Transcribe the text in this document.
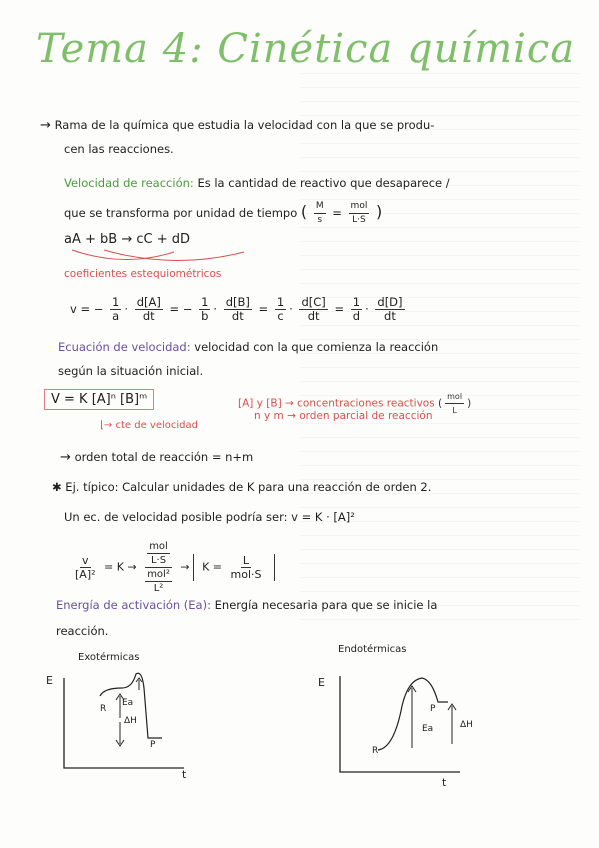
Tema 4: Cinética química
→ Rama de la química que estudia la velocidad con la que se produ-
cen las reacciones.
Velocidad de reacción: Es la cantidad de reactivo que desaparece /
que se transforma por unidad de tiempo ( $\frac{M}{s} = \frac{\text{mol}}{L\cdot S}$ )
aA + bB → cC + dD
coeficientes estequiométricos
v = − $\frac{1}{a} \cdot \frac{d[A]}{dt}$ = − $\frac{1}{b} \cdot \frac{d[B]}{dt} = \frac{1}{c} \cdot \frac{d[C]}{dt} = \frac{1}{d} \cdot \frac{d[D]}{dt}$
Ecuación de velocidad: velocidad con la que comienza la reacción
según la situación inicial.
V = K [A]ⁿ [B]ᵐ	[A] y [B] → concentraciones reactivos ( $\frac{\text{mol}}{L}$ )
n y m → orden parcial de reacción
⌊→ cte de velocidad
→ orden total de reacción = n+m
✱ Ej. típico: Calcular unidades de K para una reacción de orden 2.
Un ec. de velocidad posible podría ser: v = K · [A]²
$\frac{v}{\text{[A]²}} = K \to \frac{\frac{\text{mol}}{L\cdot S}}{\frac{\text{mol²}}{\text{L²}}} \to K = \frac{L}{\text{mol·S}}$
Energía de activación (Ea): Energía necesaria para que se inicie la
reacción.
Exotérmicas
Endotérmicas
E
t
R
Ea
ΔH
P
E
t
R
P
Ea	ΔH
